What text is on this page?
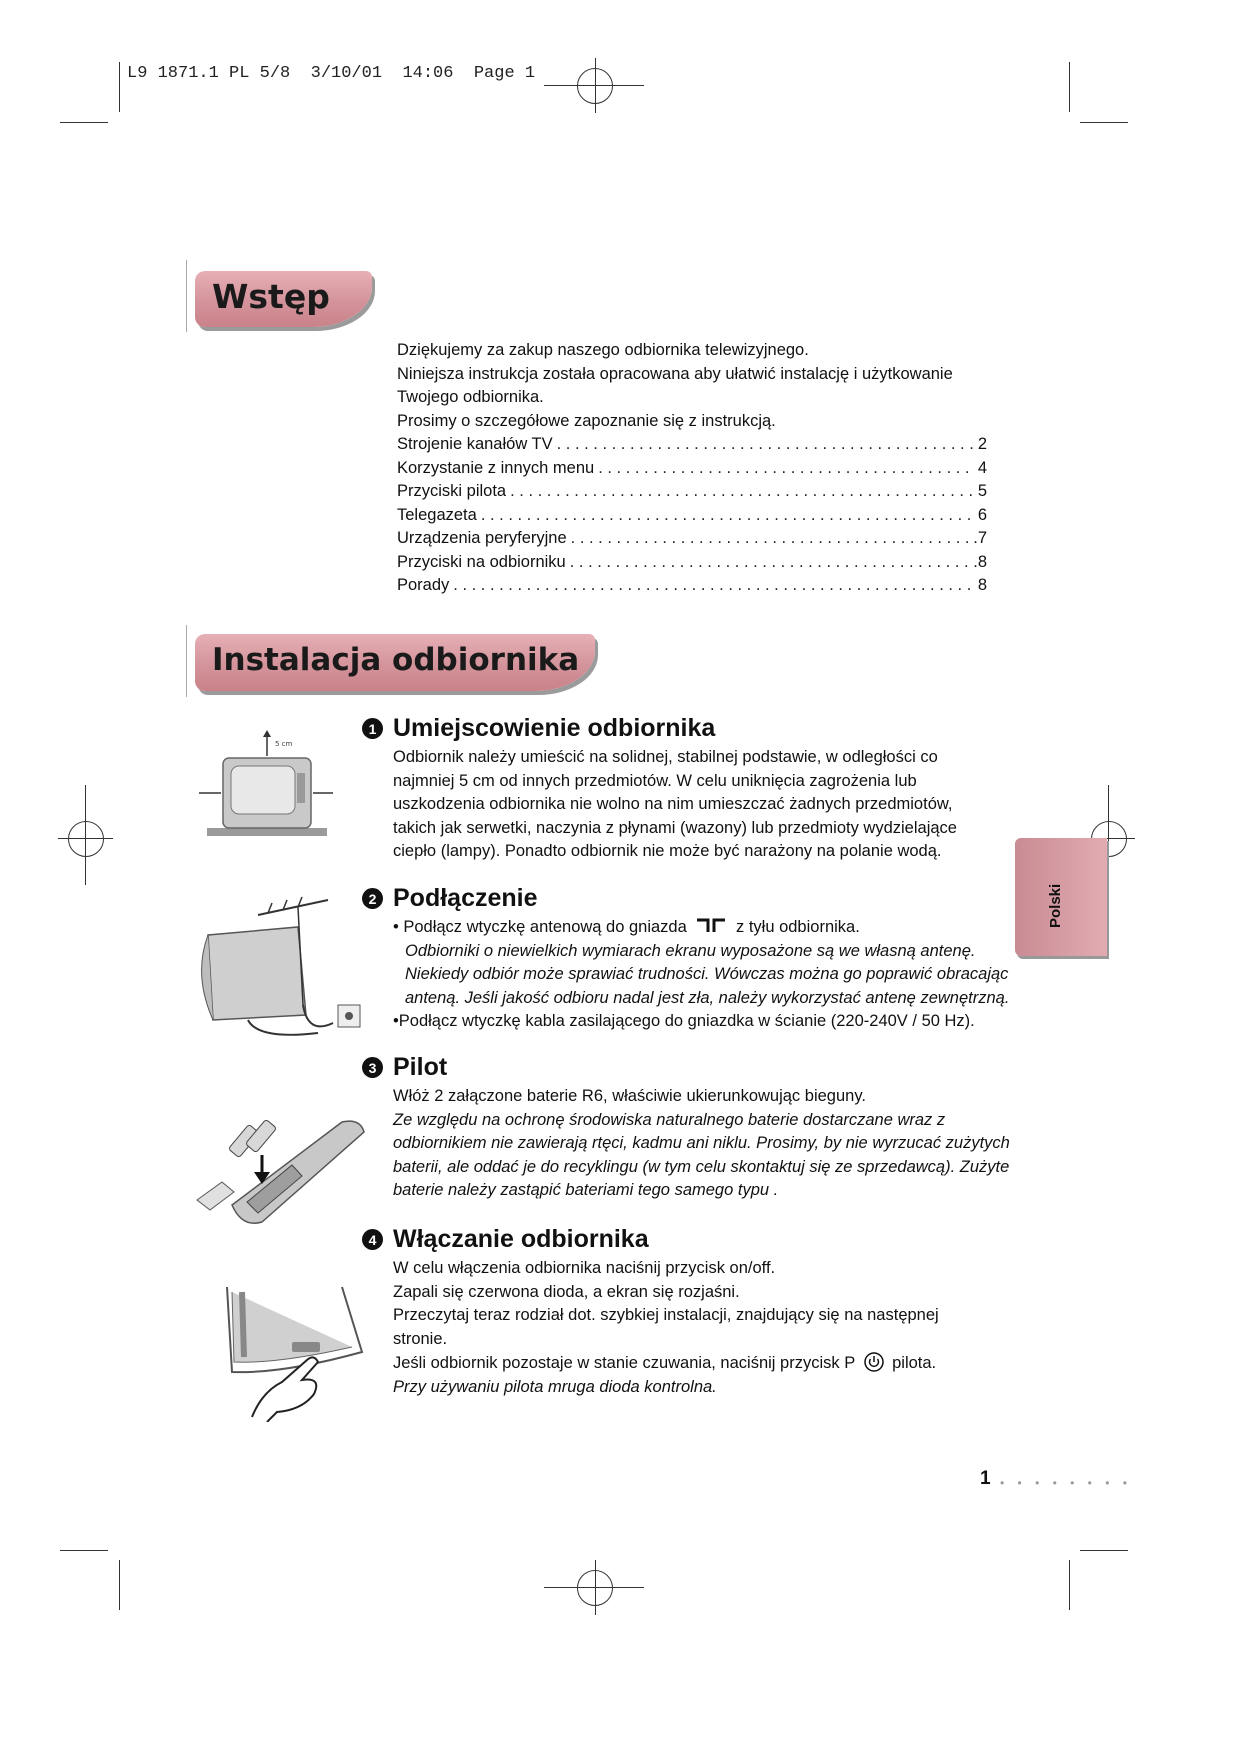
L9 1871.1 PL 5/8  3/10/01  14:06  Page 1
Wstęp

Dziękujemy za zakup naszego odbiornika telewizyjnego.

Niniejsza instrukcja została opracowana aby ułatwić instalację i użytkowanie

Twojego odbiornika.

Prosimy o szczegółowe zapoznanie się z instrukcją.

Strojenie kanałów TV . . .	2
Korzystanie z innych menu . . .	4
Przyciski pilota . . .	5
Telegazeta . . .	6
Urządzenia peryferyjne . . .	.7
Przyciski na odbiorniku . . .	.8
Porady . . .	8
Instalacja odbiornika
1 Umiejscowienie odbiornika

Odbiornik należy umieścić na solidnej, stabilnej podstawie, w odległości co

najmniej 5 cm od innych przedmiotów. W celu uniknięcia zagrożenia lub

uszkodzenia odbiornika nie wolno na nim umieszczać żadnych przedmiotów,

takich jak serwetki, naczynia z płynami (wazony) lub przedmioty wydzielające

ciepło (lampy). Ponadto odbiornik nie może być narażony na polanie wodą.

5 cm
2 Podłączenie

• Podłącz wtyczkę antenową do gniazda	z tyłu odbiornika.

Odbiorniki o niewielkich wymiarach ekranu wyposażone są we własną antenę.

Niekiedy odbiór może sprawiać trudności. Wówczas można go poprawić obracając

anteną. Jeśli jakość odbioru nadal jest zła, należy wykorzystać antenę zewnętrzną.

•Podłącz wtyczkę kabla zasilającego do gniazdka w ścianie (220-240V / 50 Hz).

3 Pilot

Włóż 2 załączone baterie R6, właściwie ukierunkowując bieguny.

Ze względu na ochronę środowiska naturalnego baterie dostarczane wraz z

odbiornikiem nie zawierają rtęci, kadmu ani niklu. Prosimy, by nie wyrzucać zużytych

baterii, ale oddać je do recyklingu (w tym celu skontaktuj się ze sprzedawcą). Zużyte

baterie należy zastąpić bateriami tego samego typu .

4 Włączanie odbiornika

W celu włączenia odbiornika naciśnij przycisk on/off.

Zapali się czerwona dioda, a ekran się rozjaśni.

Przeczytaj teraz rodział dot. szybkiej instalacji, znajdujący się na następnej

stronie.

Jeśli odbiornik pozostaje w stanie czuwania, naciśnij przycisk P pilota.

Przy używaniu pilota mruga dioda kontrolna.

Polski
1 • • • • • • • •
